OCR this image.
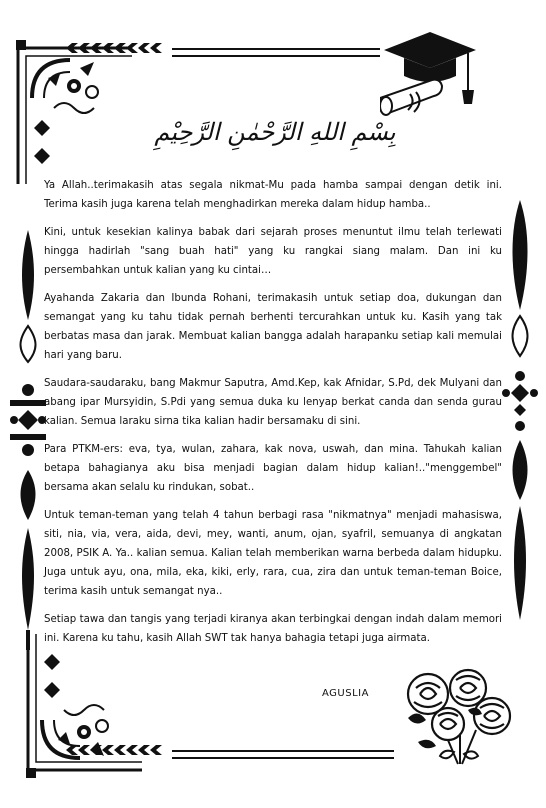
بِسْمِ اللهِ الرَّحْمٰنِ الرَّحِيْمِ

Ya Allah..terimakasih atas segala nikmat-Mu pada hamba sampai dengan detik ini. Terima kasih juga karena telah menghadirkan mereka dalam hidup hamba..

Kini, untuk kesekian kalinya babak dari sejarah proses menuntut ilmu telah terlewati hingga hadirlah "sang buah hati" yang ku rangkai siang malam. Dan ini ku persembahkan untuk kalian yang ku cintai…

Ayahanda Zakaria dan Ibunda Rohani, terimakasih untuk setiap doa, dukungan dan semangat yang ku tahu tidak pernah berhenti tercurahkan untuk ku. Kasih yang tak berbatas masa dan jarak. Membuat kalian bangga adalah harapanku setiap kali memulai hari yang baru.

Saudara-saudaraku, bang Makmur Saputra, Amd.Kep, kak Afnidar, S.Pd, dek Mulyani dan abang ipar Mursyidin, S.Pdi yang semua duka ku lenyap berkat canda dan senda gurau kalian. Semua laraku sirna tika kalian hadir bersamaku di sini.

Para PTKM-ers: eva, tya, wulan, zahara, kak nova, uswah, dan mina. Tahukah kalian betapa bahagianya aku bisa menjadi bagian dalam hidup kalian!.."menggembel" bersama akan selalu ku rindukan, sobat..

Untuk teman-teman yang telah 4 tahun berbagi rasa "nikmatnya" menjadi mahasiswa, siti, nia, via, vera, aida, devi, mey, wanti, anum, ojan, syafril, semuanya di angkatan 2008, PSIK A. Ya.. kalian semua. Kalian telah memberikan warna berbeda dalam hidupku. Juga untuk ayu, ona, mila, eka, kiki, erly, rara, cua, zira dan untuk teman-teman Boice, terima kasih untuk semangat nya..

Setiap tawa dan tangis yang terjadi kiranya akan terbingkai dengan indah dalam memori ini. Karena ku tahu, kasih Allah SWT tak hanya bahagia tetapi juga airmata.

AGUSLIA
